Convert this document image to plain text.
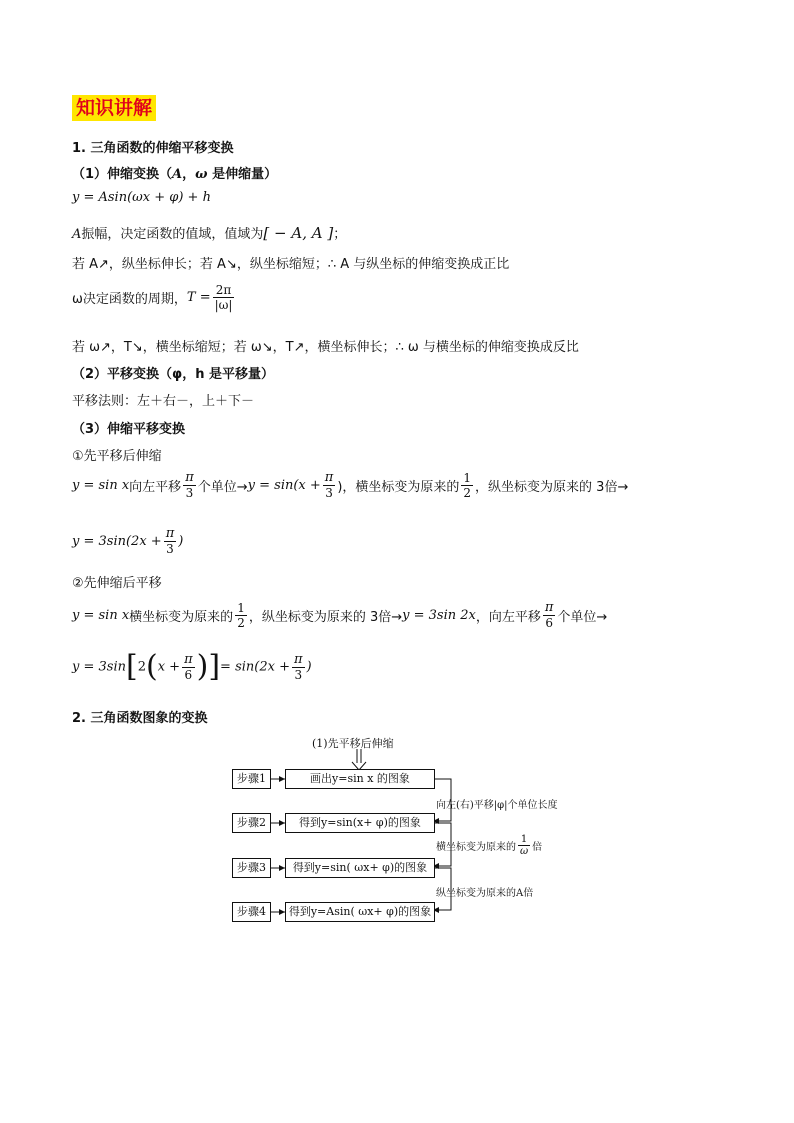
知识讲解
1. 三角函数的伸缩平移变换
（1）伸缩变换（A，ω 是伸缩量）
y = Asin(ωx + φ) + h
A振幅，决定函数的值域，值域为[ − A, A ]；
若 A↗，纵坐标伸长；若 A↘，纵坐标缩短；∴ A 与纵坐标的伸缩变换成正比
ω决定函数的周期，$T = \frac{2\pi}{|\omega|}$
若 ω↗，T↘，横坐标缩短；若 ω↘，T↗，横坐标伸长；∴ ω 与横坐标的伸缩变换成反比
（2）平移变换（φ，h 是平移量）
平移法则：左＋右－，上＋下－
（3）伸缩平移变换
①先平移后伸缩
y = sin x向左平移 $\frac{\pi}{3}$ 个单位$\to y = \sin(x + \frac{\pi}{3}$ )，横坐标变为原来的 $\frac{1}{2}$ ，纵坐标变为原来的 3倍→
$y = 3\sin(2x + \frac{\pi}{3}$ )
②先伸缩后平移
y = sin x横坐标变为原来的 $\frac{1}{2}$ ，纵坐标变为原来的 3倍→y = 3sin 2x，向左平移 $\frac{\pi}{6}$ 个单位→
$y = 3\sin[2(x + \frac{\pi}{6}$ )]= $\sin(2x + \frac{\pi}{3}$ )
2. 三角函数图象的变换
(1)先平移后伸缩
步骤1	画出y=sin x 的图象
向左(右)平移|φ|个单位长度
步骤2	得到y=sin(x+ φ)的图象
横坐标变为原来的 $\frac{1}{\omega}$ 倍
步骤3	得到y=sin( ωx+ φ)的图象
纵坐标变为原来的A倍
步骤4	得到y=Asin( ωx+ φ)的图象
